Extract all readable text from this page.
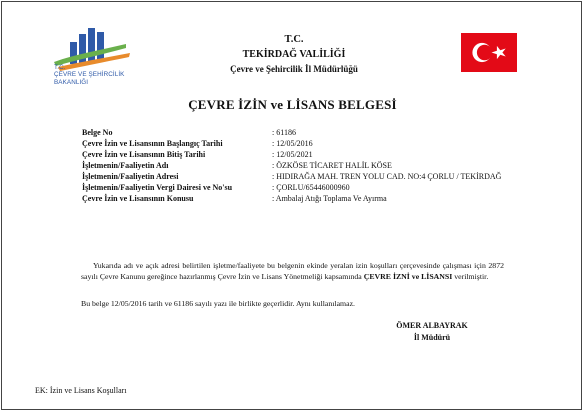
T.C.
ÇEVRE VE ŞEHİRCİLİK
BAKANLIĞI
T.C.
TEKİRDAĞ VALİLİĞİ
Çevre ve Şehircilik İl Müdürlüğü
ÇEVRE İZİN ve LİSANS BELGESİ
Belge No	: 61186
Çevre İzin ve Lisansının Başlangıç Tarihi	: 12/05/2016
Çevre İzin ve Lisansının Bitiş Tarihi	: 12/05/2021
İşletmenin/Faaliyetin Adı	: ÖZKÖSE TİCARET HALİL KÖSE
İşletmenin/Faaliyetin Adresi	: HIDIRAĞA MAH. TREN YOLU CAD. NO:4 ÇORLU / TEKİRDAĞ
İşletmenin/Faaliyetin Vergi Dairesi ve No'su	: ÇORLU/65446000960
Çevre İzin ve Lisansının Konusu	: Ambalaj Atığı Toplama Ve Ayırma
Yukarıda adı ve açık adresi belirtilen işletme/faaliyete bu belgenin ekinde yeralan izin koşulları çerçevesinde çalışması için 2872 sayılı Çevre Kanunu gereğince hazırlanmış Çevre İzin ve Lisans Yönetmeliği kapsamında ÇEVRE İZNİ ve LİSANSI verilmiştir.
Bu belge 12/05/2016 tarih ve 61186 sayılı yazı ile birlikte geçerlidir. Aynı kullanılamaz.
ÖMER ALBAYRAK
İl Müdürü
EK: İzin ve Lisans Koşulları
